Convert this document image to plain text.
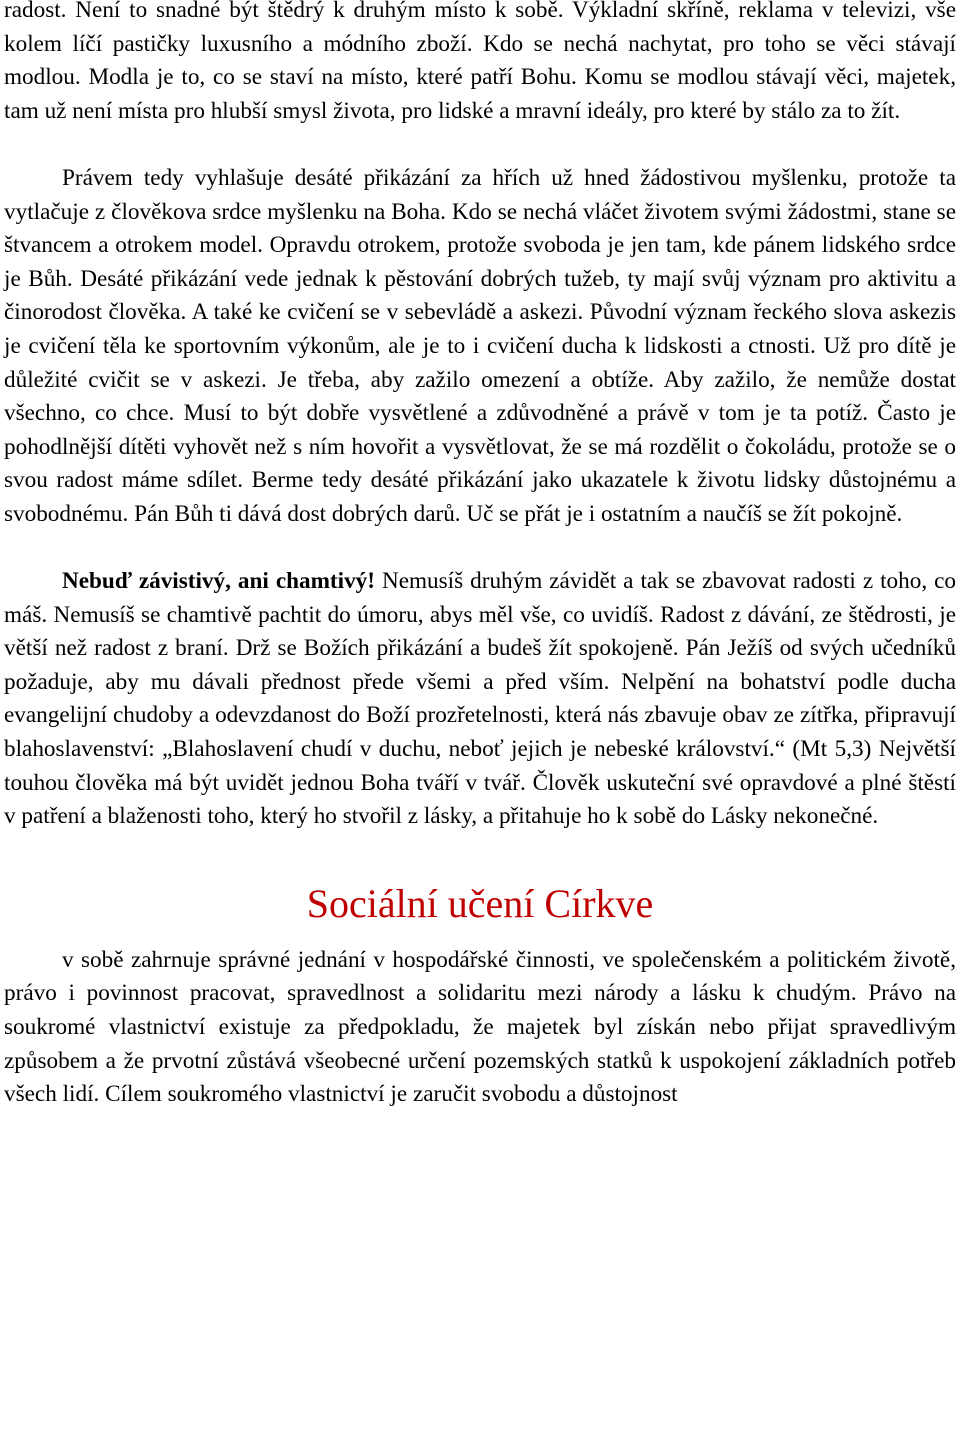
radost. Není to snadné být štědrý k druhým místo k sobě. Výkladní skříně, reklama v televizi, vše kolem líčí pastičky luxusního a módního zboží. Kdo se nechá nachytat, pro toho se věci stávají modlou. Modla je to, co se staví na místo, které patří Bohu. Komu se modlou stávají věci, majetek, tam už není místa pro hlubší smysl života, pro lidské a mravní ideály, pro které by stálo za to žít.

Právem tedy vyhlašuje desáté přikázání za hřích už hned žádostivou myšlenku, protože ta vytlačuje z člověkova srdce myšlenku na Boha. Kdo se nechá vláčet životem svými žádostmi, stane se štvancem a otrokem model. Opravdu otrokem, protože svoboda je jen tam, kde pánem lidského srdce je Bůh. Desáté přikázání vede jednak k pěstování dobrých tužeb, ty mají svůj význam pro aktivitu a činorodost člověka. A také ke cvičení se v sebevládě a askezi. Původní význam řeckého slova askezis je cvičení těla ke sportovním výkonům, ale je to i cvičení ducha k lidskosti a ctnosti. Už pro dítě je důležité cvičit se v askezi. Je třeba, aby zažilo omezení a obtíže. Aby zažilo, že nemůže dostat všechno, co chce. Musí to být dobře vysvětlené a zdůvodněné a právě v tom je ta potíž. Často je pohodlnější dítěti vyhovět než s ním hovořit a vysvětlovat, že se má rozdělit o čokoládu, protože se o svou radost máme sdílet. Berme tedy desáté přikázání jako ukazatele k životu lidsky důstojnému a svobodnému. Pán Bůh ti dává dost dobrých darů. Uč se přát je i ostatním a naučíš se žít pokojně.

Nebuď závistivý, ani chamtivý! Nemusíš druhým závidět a tak se zbavovat radosti z toho, co máš. Nemusíš se chamtivě pachtit do úmoru, abys měl vše, co uvidíš. Radost z dávání, ze štědrosti, je větší než radost z braní. Drž se Božích přikázání a budeš žít spokojeně. Pán Ježíš od svých učedníků požaduje, aby mu dávali přednost přede všemi a před vším. Nelpění na bohatství podle ducha evangelijní chudoby a odevzdanost do Boží prozřetelnosti, která nás zbavuje obav ze zítřka, připravují blahoslavenství: „Blahoslavení chudí v duchu, neboť jejich je nebeské království.“ (Mt 5,3) Největší touhou člověka má být uvidět jednou Boha tváří v tvář. Člověk uskuteční své opravdové a plné štěstí v patření a blaženosti toho, který ho stvořil z lásky, a přitahuje ho k sobě do Lásky nekonečné.

Sociální učení Církve

v sobě zahrnuje správné jednání v hospodářské činnosti, ve společenském a politickém životě, právo i povinnost pracovat, spravedlnost a solidaritu mezi národy a lásku k chudým. Právo na soukromé vlastnictví existuje za předpokladu, že majetek byl získán nebo přijat spravedlivým způsobem a že prvotní zůstává všeobecné určení pozemských statků k uspokojení základních potřeb všech lidí. Cílem soukromého vlastnictví je zaručit svobodu a důstojnost
